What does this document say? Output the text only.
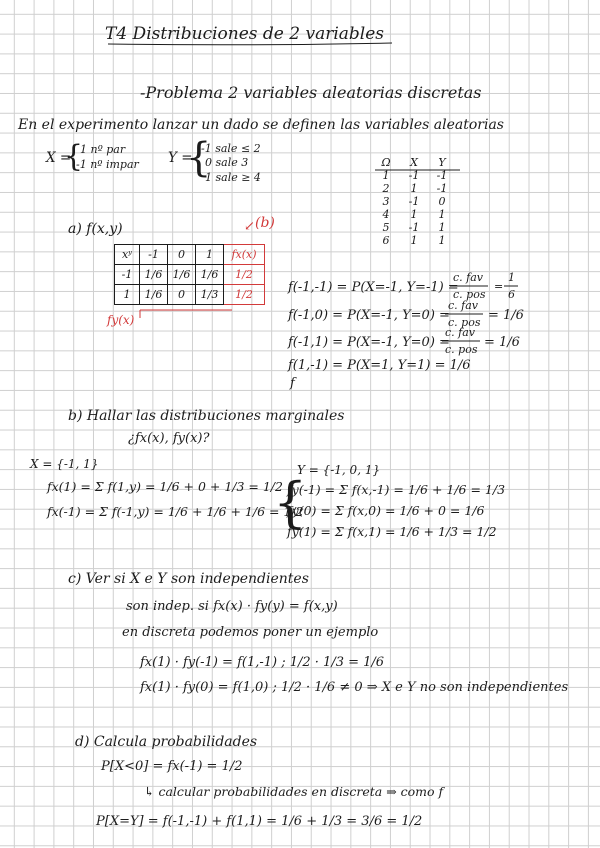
T4 Distribuciones de 2 variables
-Problema 2 variables aleatorias discretas
En el experimento lanzar un dado se definen las variables aleatorias
X =
{
1 nº par
-1 nº impar Y =
{
-1 sale ≤ 2
0 sale 3
1 sale ≥ 4
Ω	X	Y
1	-1	-1
2	1	-1
3	-1	0
4	1	1
5	-1	1
6	1	1
a) f(x,y)	(b)
↙
xʸ	-1	0	1	fx(x)
-1	1/6	1/6	1/6	1/2
1	1/6	0	1/3	1/2
fy(x)
f(-1,-1) = P(X=-1, Y=-1) =
c. fav
c. pos
=
1
6
f(-1,0) = P(X=-1, Y=0) =
c. fav
c. pos = 1/6
f(-1,1) = P(X=-1, Y=0) =
c. fav
c. pos = 1/6
f(1,-1) = P(X=1, Y=1) = 1/6
f
b) Hallar las distribuciones marginales
¿fx(x), fy(x)?
X = {-1, 1}
fx(1) = Σ f(1,y) = 1/6 + 0 + 1/3 = 1/2
fx(-1) = Σ f(-1,y) = 1/6 + 1/6 + 1/6 = 1/2
Y = {-1, 0, 1}
{
fy(-1) = Σ f(x,-1) = 1/6 + 1/6 = 1/3
fy(0) = Σ f(x,0) = 1/6 + 0 = 1/6
fy(1) = Σ f(x,1) = 1/6 + 1/3 = 1/2
c) Ver si X e Y son independientes
son indep. si fx(x) · fy(y) = f(x,y)
en discreta podemos poner un ejemplo
fx(1) · fy(-1) = f(1,-1) ; 1/2 · 1/3 = 1/6
fx(1) · fy(0) = f(1,0) ; 1/2 · 1/6 ≠ 0 ⇒ X e Y no son independientes
d) Calcula probabilidades
P[X<0] = fx(-1) = 1/2
↳ calcular probabilidades en discreta ⇒ como f
P[X=Y] = f(-1,-1) + f(1,1) = 1/6 + 1/3 = 3/6 = 1/2
